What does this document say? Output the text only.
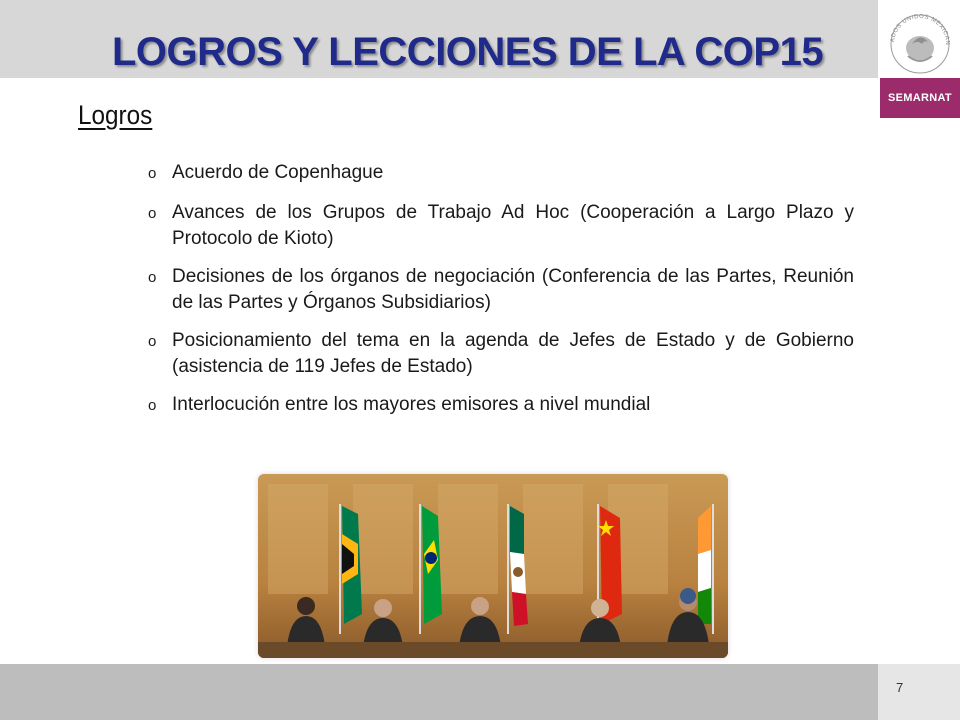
LOGROS Y LECCIONES DE LA COP15	ADOS UNIDOS MEXICAN
SEMARNAT
Logros
o Acuerdo de Copenhague
o Avances de los Grupos de Trabajo Ad Hoc (Cooperación a Largo Plazo y Protocolo de Kioto)
o Decisiones de los órganos de negociación (Conferencia de las Partes, Reunión de las Partes y Órganos Subsidiarios)
o Posicionamiento del tema en la agenda de Jefes de Estado y de Gobierno (asistencia de 119 Jefes de Estado)
o Interlocución entre los mayores emisores a nivel mundial
7
